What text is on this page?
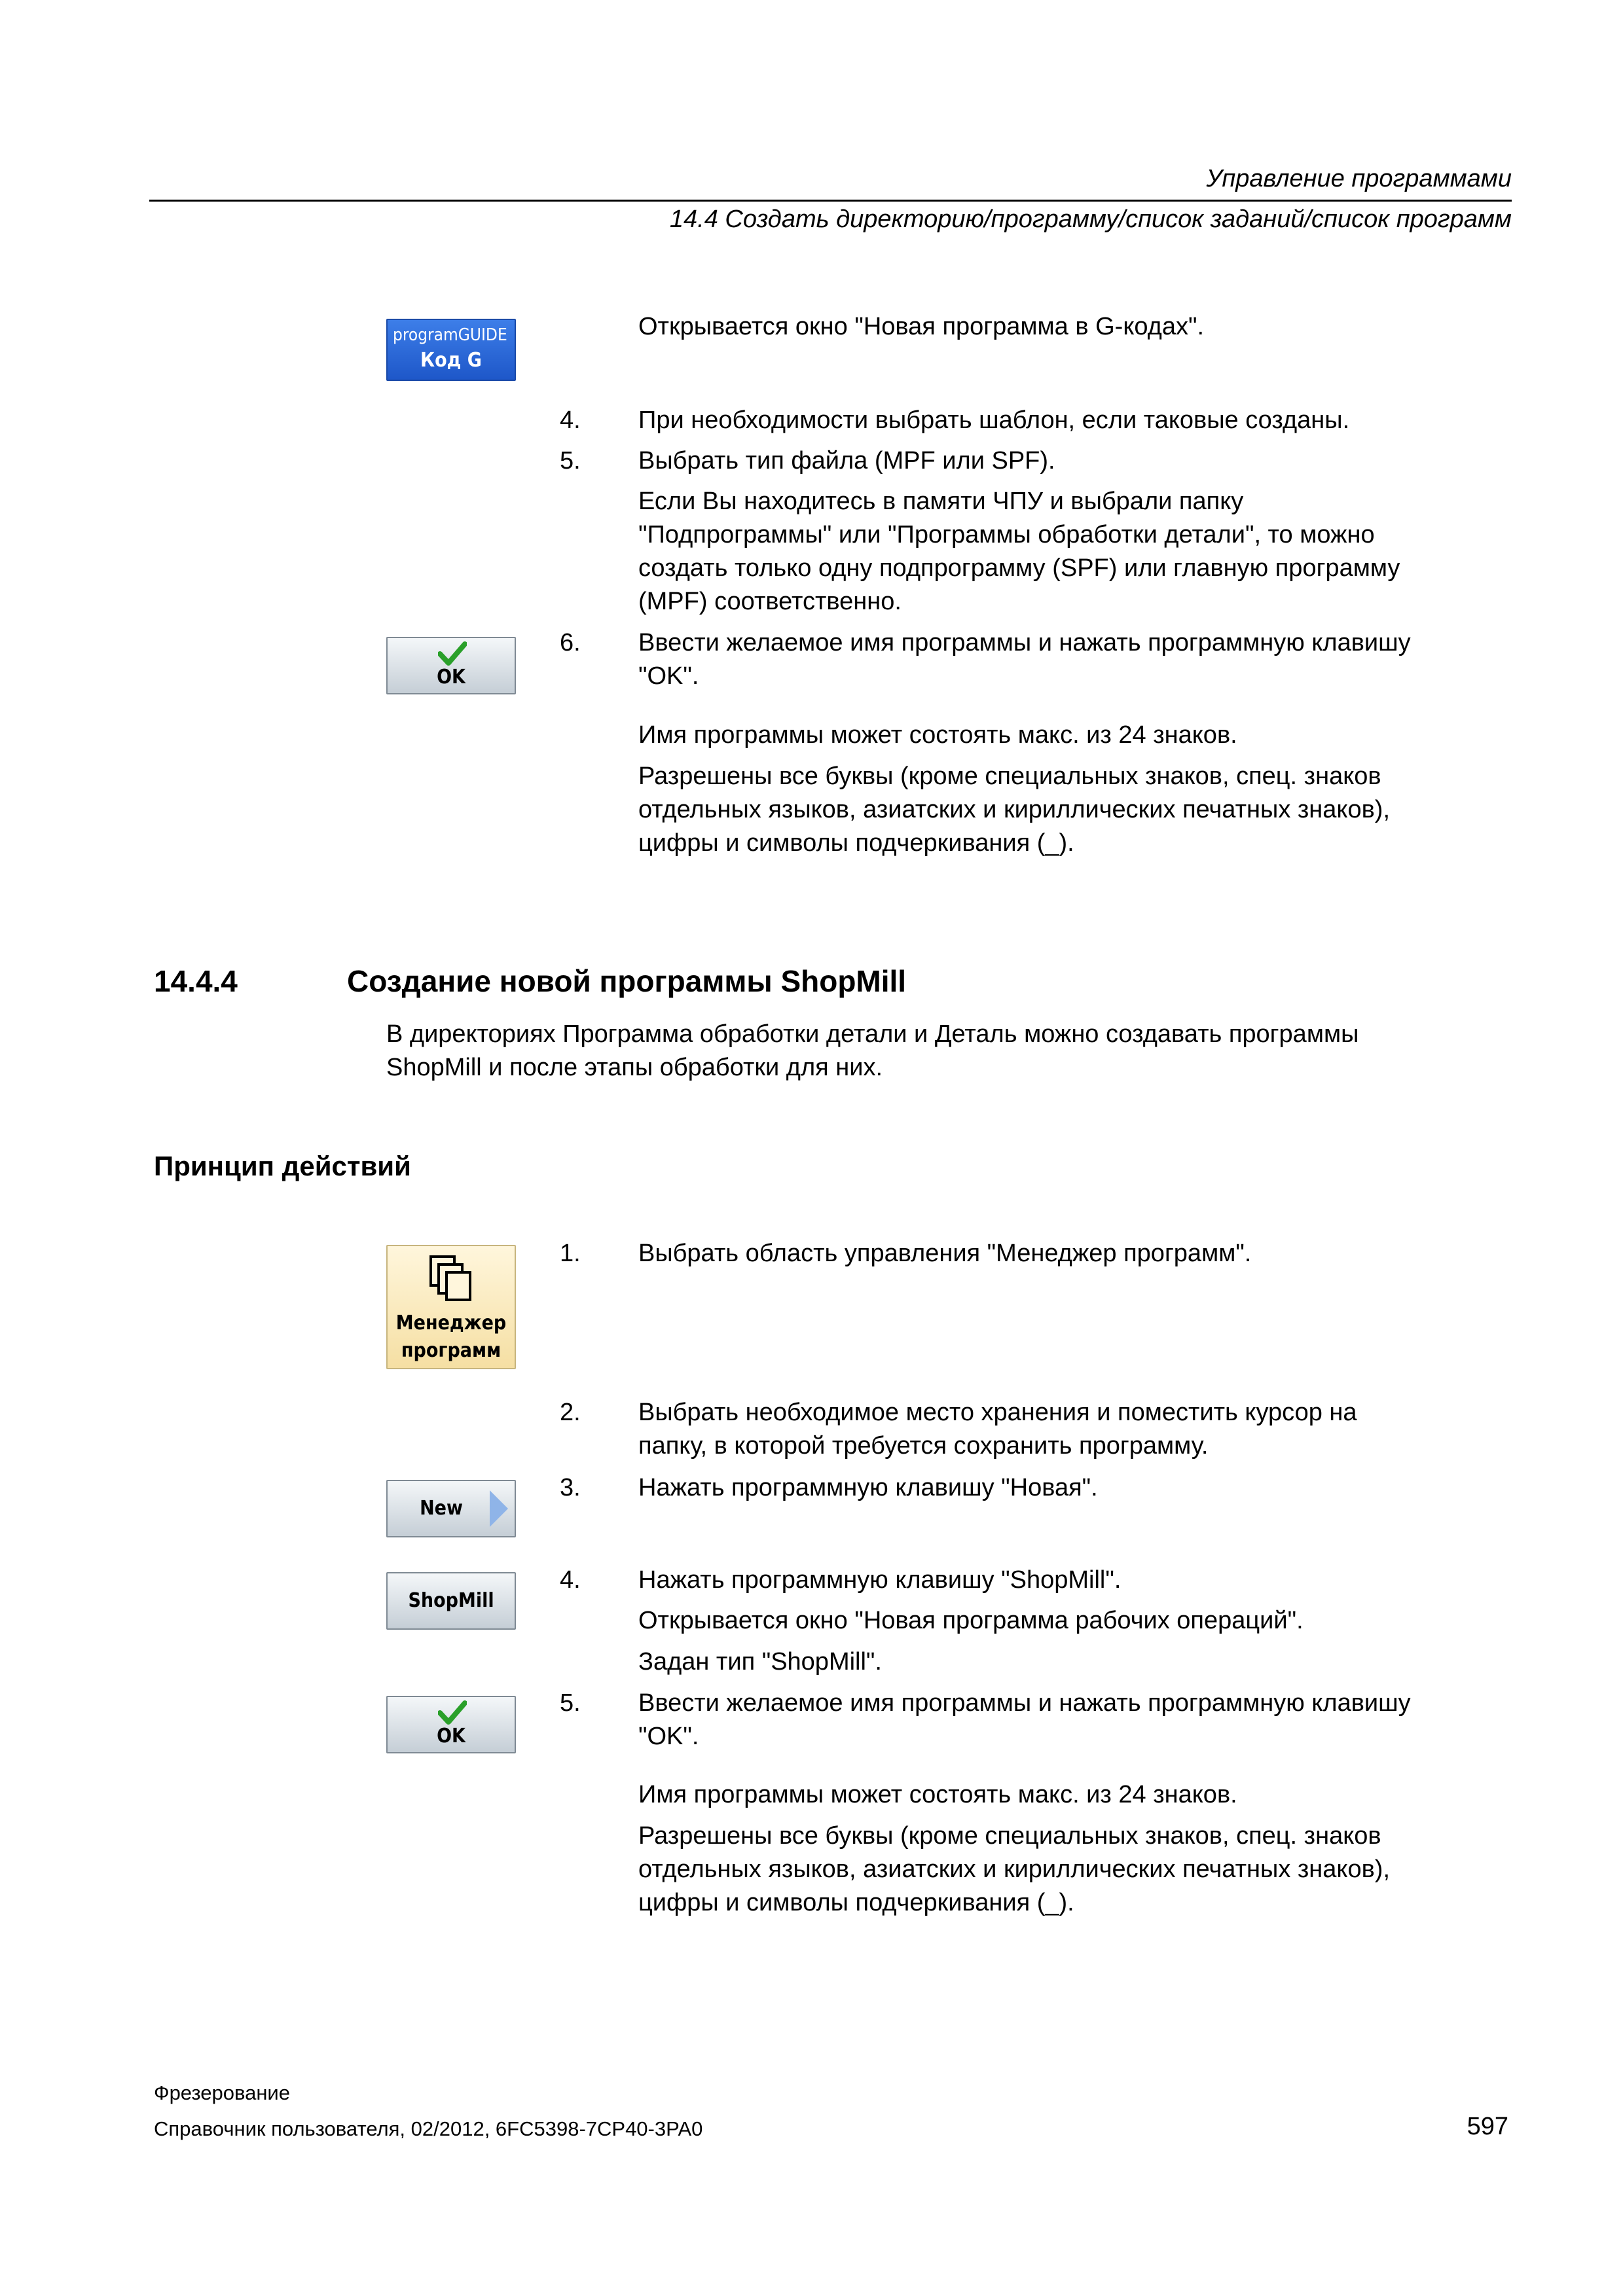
Управление программами
14.4 Создать директорию/программу/список заданий/список программ
programGUIDE
Код G
Открывается окно "Новая программа в G-кодах".
4. При необходимости выбрать шаблон, если таковые созданы.
5. Выбрать тип файла (MPF или SPF).
Если Вы находитесь в памяти ЧПУ и выбрали папку
"Подпрограммы" или "Программы обработки детали", то можно
создать только одну подпрограмму (SPF) или главную программу
(MPF) соответственно.
OK
6. Ввести желаемое имя программы и нажать программную клавишу
"OK".
Имя программы может состоять макс. из 24 знаков.
Разрешены все буквы (кроме специальных знаков, спец. знаков
отдельных языков, азиатских и кириллических печатных знаков),
цифры и символы подчеркивания (_).
14.4.4	Создание новой программы ShopMill
В директориях Программа обработки детали и Деталь можно создавать программы
ShopMill и после этапы обработки для них.
Принцип действий
Менеджер
программ
1. Выбрать область управления "Менеджер программ".
2. Выбрать необходимое место хранения и поместить курсор на
папку, в которой требуется сохранить программу.
New
3. Нажать программную клавишу "Новая".
ShopMill
4. Нажать программную клавишу "ShopMill".
Открывается окно "Новая программа рабочих операций".
Задан тип "ShopMill".
OK
5. Ввести желаемое имя программы и нажать программную клавишу
"OK".
Имя программы может состоять макс. из 24 знаков.
Разрешены все буквы (кроме специальных знаков, спец. знаков
отдельных языков, азиатских и кириллических печатных знаков),
цифры и символы подчеркивания (_).
Фрезерование
Справочник пользователя, 02/2012, 6FC5398-7CP40-3PA0	597
